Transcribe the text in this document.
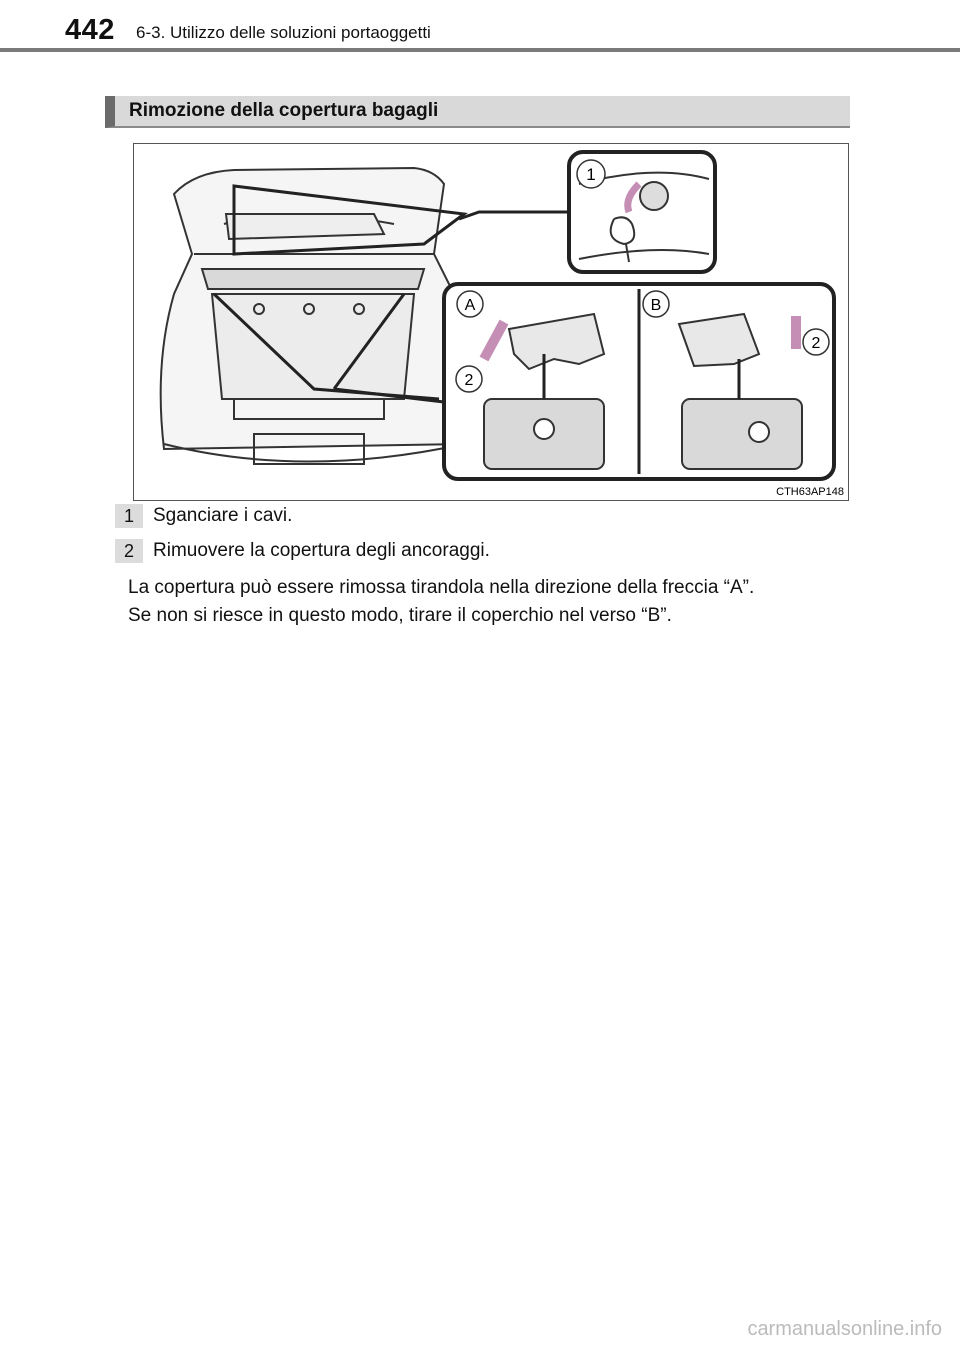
442 6-3. Utilizzo delle soluzioni portaoggetti
Rimozione della copertura bagagli
1
A	B
2
2
CTH63AP148
1 Sganciare i cavi.
2 Rimuovere la copertura degli ancoraggi.
La copertura può essere rimossa tirandola nella direzione della freccia “A”.
Se non si riesce in questo modo, tirare il coperchio nel verso “B”.
carmanualsonline.info
